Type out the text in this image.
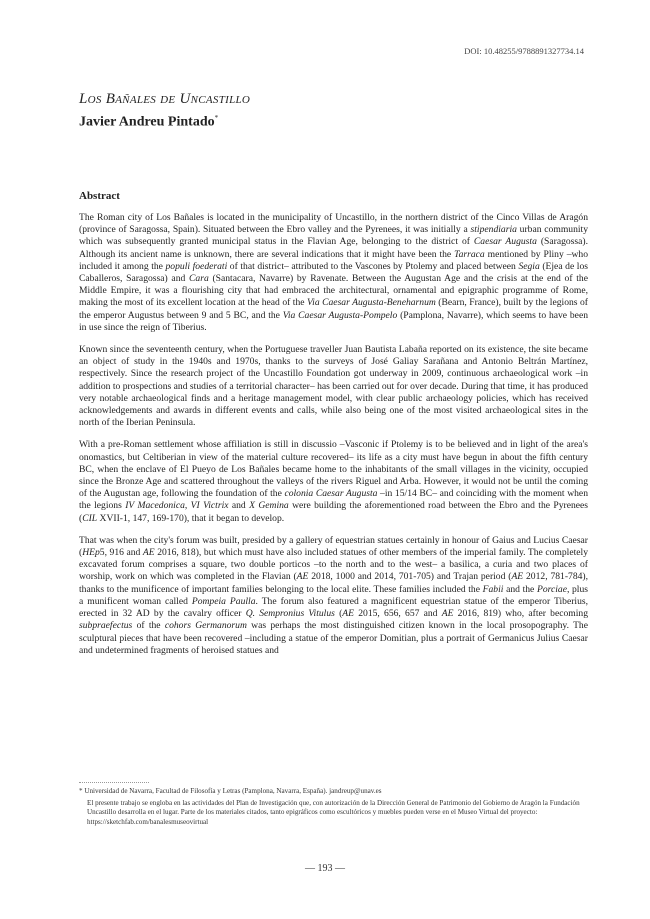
DOI: 10.48255/9788891327734.14
Los Bañales de Uncastillo
Javier Andreu Pintado*
Abstract

The Roman city of Los Bañales is located in the municipality of Uncastillo, in the northern district of the Cinco Villas de Aragón (province of Saragossa, Spain). Situated between the Ebro valley and the Pyrenees, it was initially a stipendiaria urban community which was subsequently granted municipal status in the Flavian Age, belonging to the district of Caesar Augusta (Saragossa). Although its ancient name is unknown, there are several indications that it might have been the Tarraca mentioned by Pliny –who included it among the populi foederati of that district– attributed to the Vascones by Ptolemy and placed between Segia (Ejea de los Caballeros, Saragossa) and Cara (Santacara, Navarre) by Ravenate. Between the Augustan Age and the crisis at the end of the Middle Empire, it was a flourishing city that had embraced the architectural, ornamental and epigraphic programme of Rome, making the most of its excellent location at the head of the Via Caesar Augusta-Beneharnum (Bearn, France), built by the legions of the emperor Augustus between 9 and 5 BC, and the Via Caesar Augusta-Pompelo (Pamplona, Navarre), which seems to have been in use since the reign of Tiberius.

Known since the seventeenth century, when the Portuguese traveller Juan Bautista Labaña reported on its existence, the site became an object of study in the 1940s and 1970s, thanks to the surveys of José Galiay Sarañana and Antonio Beltrán Martínez, respectively. Since the research project of the Uncastillo Foundation got underway in 2009, continuous archaeological work –in addition to prospections and studies of a territorial character– has been carried out for over decade. During that time, it has produced very notable archaeological finds and a heritage management model, with clear public archaeology policies, which has received acknowledgements and awards in different events and calls, while also being one of the most visited archaeological sites in the north of the Iberian Peninsula.

With a pre-Roman settlement whose affiliation is still in discussio –Vasconic if Ptolemy is to be believed and in light of the area's onomastics, but Celtiberian in view of the material culture recovered– its life as a city must have begun in about the fifth century BC, when the enclave of El Pueyo de Los Bañales became home to the inhabitants of the small villages in the vicinity, occupied since the Bronze Age and scattered throughout the valleys of the rivers Riguel and Arba. However, it would not be until the coming of the Augustan age, following the foundation of the colonia Caesar Augusta –in 15/14 BC– and coinciding with the moment when the legions IV Macedonica, VI Victrix and X Gemina were building the aforementioned road between the Ebro and the Pyrenees (CIL XVII-1, 147, 169-170), that it began to develop.

That was when the city's forum was built, presided by a gallery of equestrian statues certainly in honour of Gaius and Lucius Caesar (HEp5, 916 and AE 2016, 818), but which must have also included statues of other members of the imperial family. The completely excavated forum comprises a square, two double porticos –to the north and to the west– a basilica, a curia and two places of worship, work on which was completed in the Flavian (AE 2018, 1000 and 2014, 701-705) and Trajan period (AE 2012, 781-784), thanks to the munificence of important families belonging to the local elite. These families included the Fabii and the Porciae, plus a munificent woman called Pompeia Paulla. The forum also featured a magnificent equestrian statue of the emperor Tiberius, erected in 32 AD by the cavalry officer Q. Sempronius Vitulus (AE 2015, 656, 657 and AE 2016, 819) who, after becoming subpraefectus of the cohors Germanorum was perhaps the most distinguished citizen known in the local prosopography. The sculptural pieces that have been recovered –including a statue of the emperor Domitian, plus a portrait of Germanicus Julius Caesar and undetermined fragments of heroised statues and

* Universidad de Navarra, Facultad de Filosofía y Letras (Pamplona, Navarra, España). jandreup@unav.es

El presente trabajo se engloba en las actividades del Plan de Investigación que, con autorización de la Dirección General de Patrimonio del Gobierno de Aragón la Fundación Uncastillo desarrolla en el lugar. Parte de los materiales citados, tanto epigráficos como escultóricos y muebles pueden verse en el Museo Virtual del proyecto: https://sketchfab.com/banalesmuseovirtual

— 193 —
